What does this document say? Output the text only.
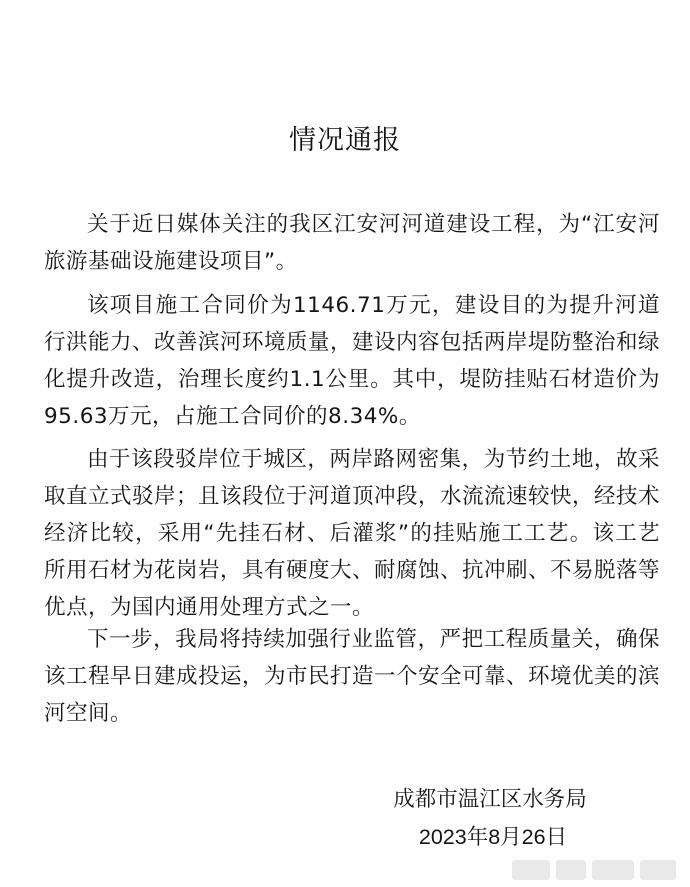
情况通报

关于近日媒体关注的我区江安河河道建设工程，为“江安河旅游基础设施建设项目”。

该项目施工合同价为1146.71万元，建设目的为提升河道行洪能力、改善滨河环境质量，建设内容包括两岸堤防整治和绿化提升改造，治理长度约1.1公里。其中，堤防挂贴石材造价为95.63万元，占施工合同价的8.34%。

由于该段驳岸位于城区，两岸路网密集，为节约土地，故采取直立式驳岸；且该段位于河道顶冲段，水流流速较快，经技术经济比较，采用“先挂石材、后灌浆”的挂贴施工工艺。该工艺所用石材为花岗岩，具有硬度大、耐腐蚀、抗冲刷、不易脱落等优点，为国内通用处理方式之一。

下一步，我局将持续加强行业监管，严把工程质量关，确保该工程早日建成投运，为市民打造一个安全可靠、环境优美的滨河空间。

成都市温江区水务局
2023年8月26日
